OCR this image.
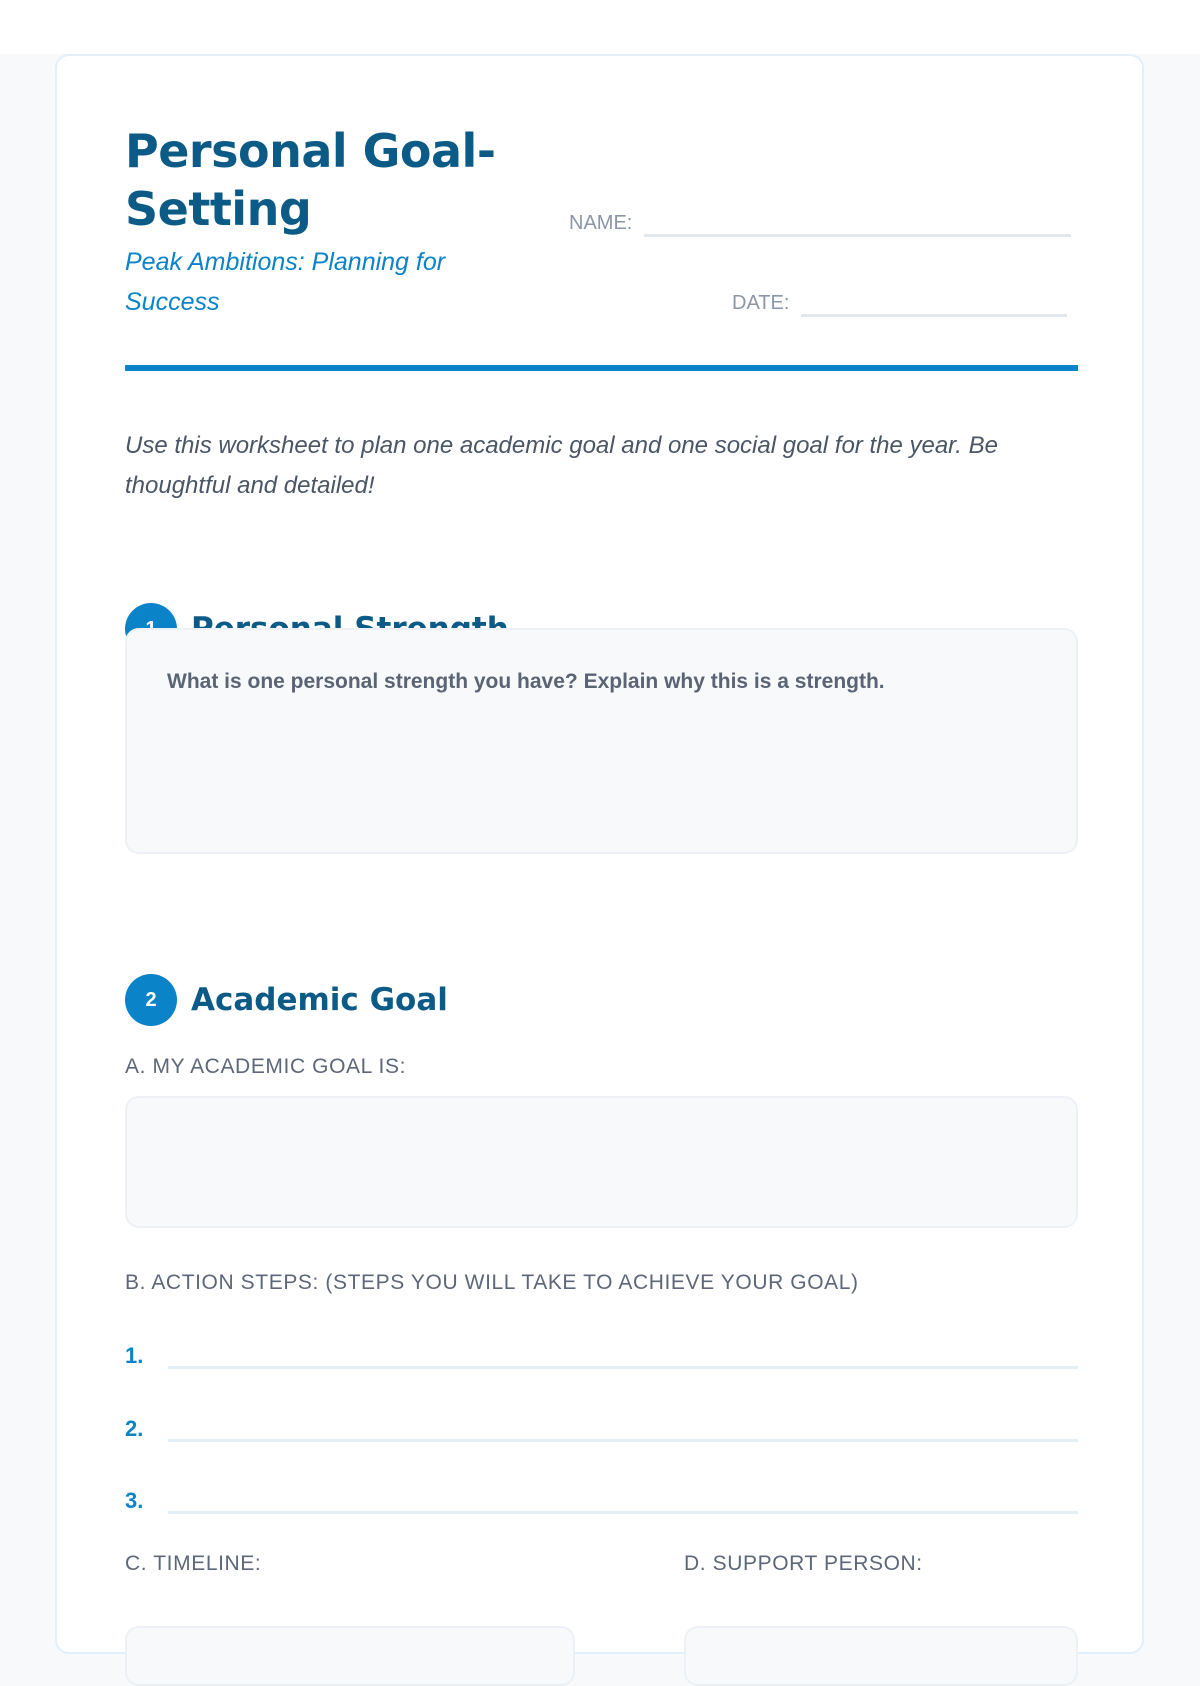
Personal Goal-Setting

Peak Ambitions: Planning for Success

NAME:
DATE:

Use this worksheet to plan one academic goal and one social goal for the year. Be thoughtful and detailed!

What is one personal strength you have? Explain why this is a strength.
2	Academic Goal
A. MY ACADEMIC GOAL IS:
B. ACTION STEPS: (STEPS YOU WILL TAKE TO ACHIEVE YOUR GOAL)
1.
2.
3.
C. TIMELINE:	D. SUPPORT PERSON:
